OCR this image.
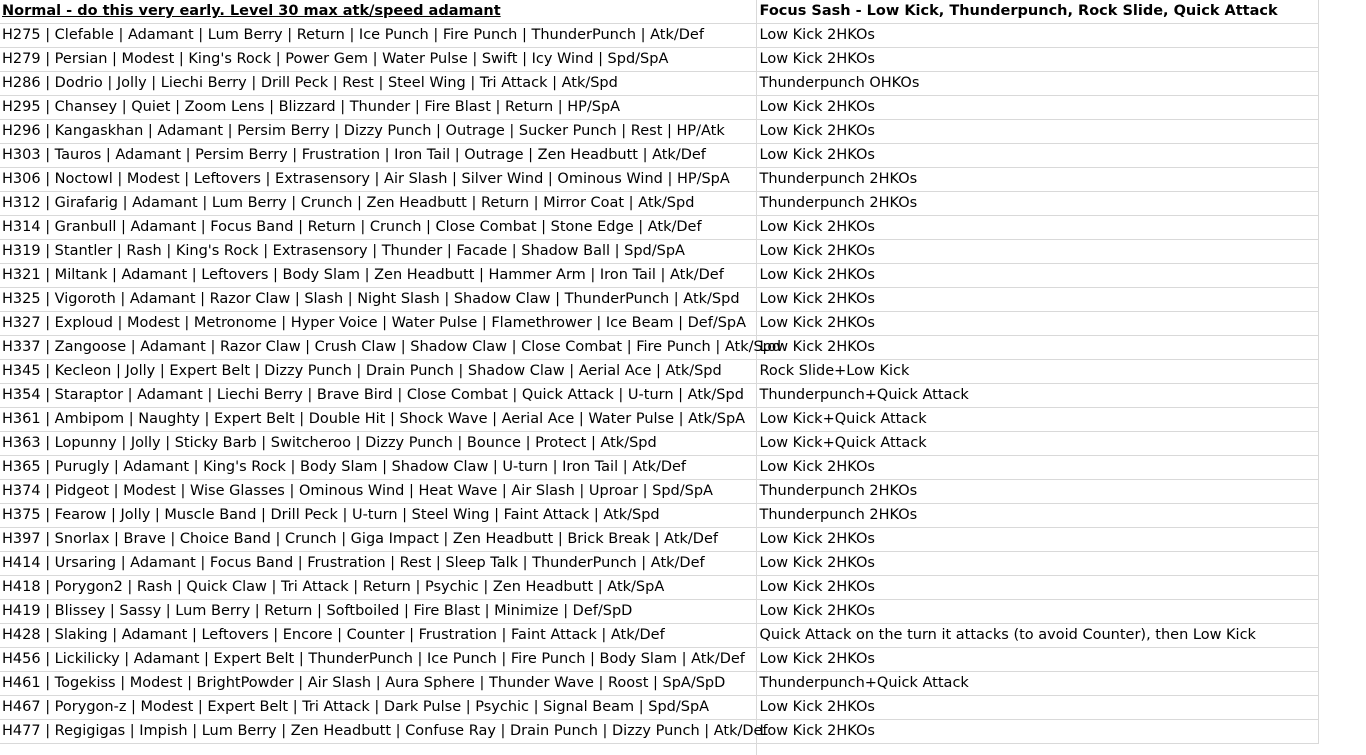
Normal - do this very early. Level 30 max atk/speed adamant	Focus Sash - Low Kick, Thunderpunch, Rock Slide, Quick Attack
H275 | Clefable | Adamant | Lum Berry | Return | Ice Punch | Fire Punch | ThunderPunch | Atk/Def	Low Kick 2HKOs
H279 | Persian | Modest | King's Rock | Power Gem | Water Pulse | Swift | Icy Wind | Spd/SpA	Low Kick 2HKOs
H286 | Dodrio | Jolly | Liechi Berry | Drill Peck | Rest | Steel Wing | Tri Attack | Atk/Spd	Thunderpunch OHKOs
H295 | Chansey | Quiet | Zoom Lens | Blizzard | Thunder | Fire Blast | Return | HP/SpA	Low Kick 2HKOs
H296 | Kangaskhan | Adamant | Persim Berry | Dizzy Punch | Outrage | Sucker Punch | Rest | HP/Atk	Low Kick 2HKOs
H303 | Tauros | Adamant | Persim Berry | Frustration | Iron Tail | Outrage | Zen Headbutt | Atk/Def	Low Kick 2HKOs
H306 | Noctowl | Modest | Leftovers | Extrasensory | Air Slash | Silver Wind | Ominous Wind | HP/SpA	Thunderpunch 2HKOs
H312 | Girafarig | Adamant | Lum Berry | Crunch | Zen Headbutt | Return | Mirror Coat | Atk/Spd	Thunderpunch 2HKOs
H314 | Granbull | Adamant | Focus Band | Return | Crunch | Close Combat | Stone Edge | Atk/Def	Low Kick 2HKOs
H319 | Stantler | Rash | King's Rock | Extrasensory | Thunder | Facade | Shadow Ball | Spd/SpA	Low Kick 2HKOs
H321 | Miltank | Adamant | Leftovers | Body Slam | Zen Headbutt | Hammer Arm | Iron Tail | Atk/Def	Low Kick 2HKOs
H325 | Vigoroth | Adamant | Razor Claw | Slash | Night Slash | Shadow Claw | ThunderPunch | Atk/Spd	Low Kick 2HKOs
H327 | Exploud | Modest | Metronome | Hyper Voice | Water Pulse | Flamethrower | Ice Beam | Def/SpA	Low Kick 2HKOs
H337 | Zangoose | Adamant | Razor Claw | Crush Claw | Shadow Claw | Close Combat | Fire Punch | Atk/Spd	Low Kick 2HKOs
H345 | Kecleon | Jolly | Expert Belt | Dizzy Punch | Drain Punch | Shadow Claw | Aerial Ace | Atk/Spd	Rock Slide+Low Kick
H354 | Staraptor | Adamant | Liechi Berry | Brave Bird | Close Combat | Quick Attack | U-turn | Atk/Spd	Thunderpunch+Quick Attack
H361 | Ambipom | Naughty | Expert Belt | Double Hit | Shock Wave | Aerial Ace | Water Pulse | Atk/SpA	Low Kick+Quick Attack
H363 | Lopunny | Jolly | Sticky Barb | Switcheroo | Dizzy Punch | Bounce | Protect | Atk/Spd	Low Kick+Quick Attack
H365 | Purugly | Adamant | King's Rock | Body Slam | Shadow Claw | U-turn | Iron Tail | Atk/Def	Low Kick 2HKOs
H374 | Pidgeot | Modest | Wise Glasses | Ominous Wind | Heat Wave | Air Slash | Uproar | Spd/SpA	Thunderpunch 2HKOs
H375 | Fearow | Jolly | Muscle Band | Drill Peck | U-turn | Steel Wing | Faint Attack | Atk/Spd	Thunderpunch 2HKOs
H397 | Snorlax | Brave | Choice Band | Crunch | Giga Impact | Zen Headbutt | Brick Break | Atk/Def	Low Kick 2HKOs
H414 | Ursaring | Adamant | Focus Band | Frustration | Rest | Sleep Talk | ThunderPunch | Atk/Def	Low Kick 2HKOs
H418 | Porygon2 | Rash | Quick Claw | Tri Attack | Return | Psychic | Zen Headbutt | Atk/SpA	Low Kick 2HKOs
H419 | Blissey | Sassy | Lum Berry | Return | Softboiled | Fire Blast | Minimize | Def/SpD	Low Kick 2HKOs
H428 | Slaking | Adamant | Leftovers | Encore | Counter | Frustration | Faint Attack | Atk/Def	Quick Attack on the turn it attacks (to avoid Counter), then Low Kick
H456 | Lickilicky | Adamant | Expert Belt | ThunderPunch | Ice Punch | Fire Punch | Body Slam | Atk/Def	Low Kick 2HKOs
H461 | Togekiss | Modest | BrightPowder | Air Slash | Aura Sphere | Thunder Wave | Roost | SpA/SpD	Thunderpunch+Quick Attack
H467 | Porygon-z | Modest | Expert Belt | Tri Attack | Dark Pulse | Psychic | Signal Beam | Spd/SpA	Low Kick 2HKOs
H477 | Regigigas | Impish | Lum Berry | Zen Headbutt | Confuse Ray | Drain Punch | Dizzy Punch | Atk/Def	Low Kick 2HKOs
